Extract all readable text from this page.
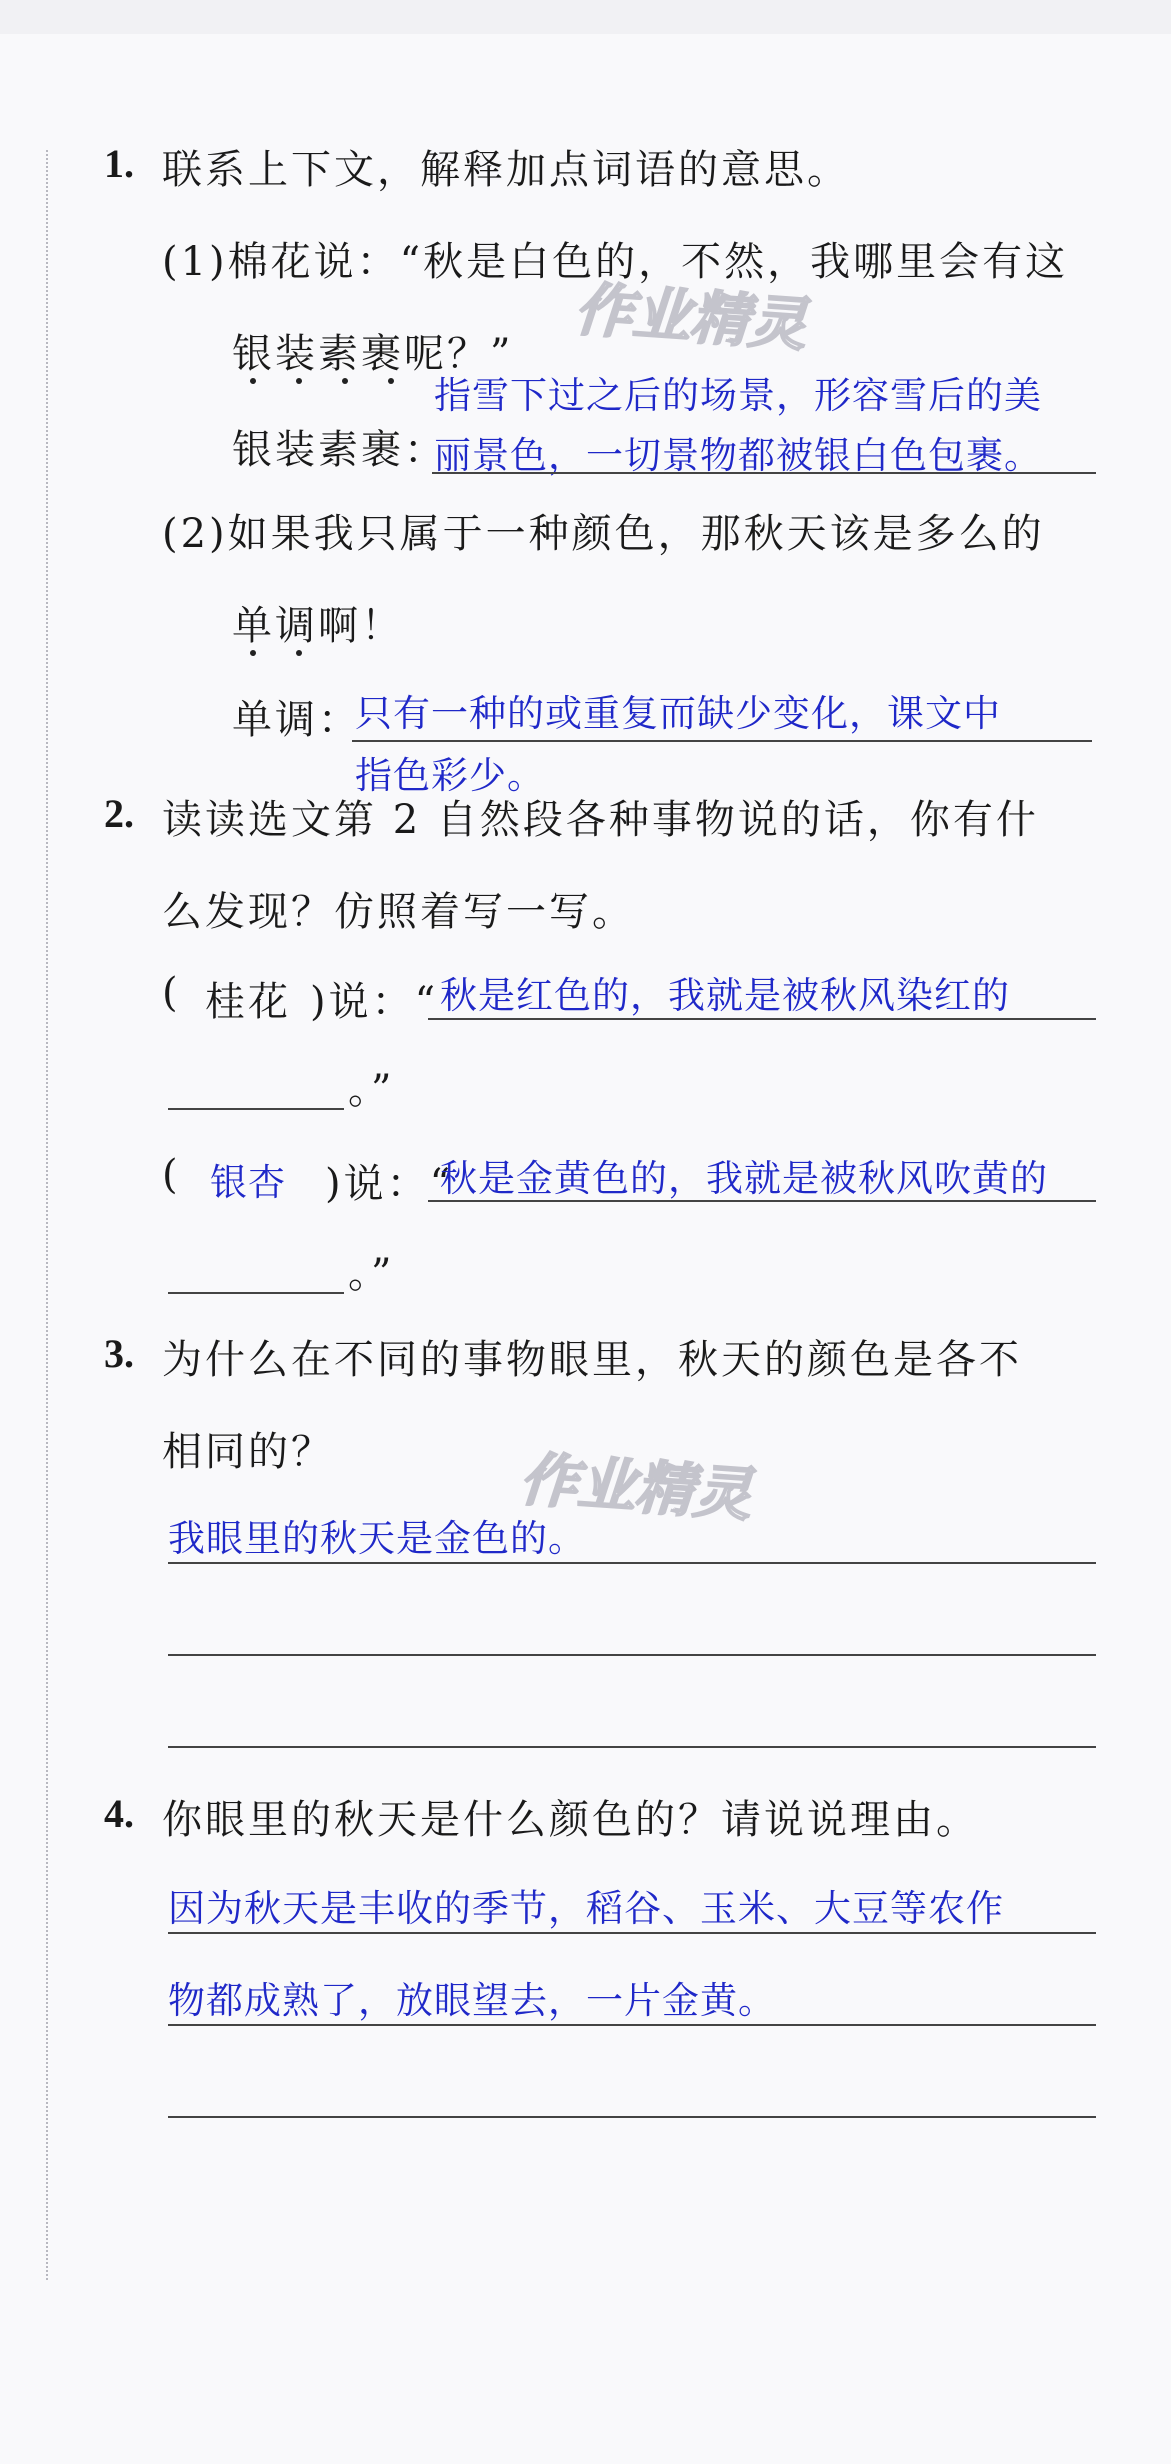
1. 联系上下文，解释加点词语的意思。
(1)棉花说：“秋是白色的，不然，我哪里会有这
银装素裹呢？”
指雪下过之后的场景，形容雪后的美
银装素裹：
丽景色，一切景物都被银白色包裹。
(2)如果我只属于一种颜色，那秋天该是多么的
单调啊！
单调：
只有一种的或重复而缺少变化，课文中
指色彩少。
作业精灵
2. 读读选文第 2 自然段各种事物说的话，你有什
么发现？仿照着写一写。
( 桂花 )说：“ 秋是红色的，我就是被秋风染红的
。”
( 银杏 )说：“
秋是金黄色的，我就是被秋风吹黄的
。”
3. 为什么在不同的事物眼里，秋天的颜色是各不
相同的？	作业精灵
我眼里的秋天是金色的。
4. 你眼里的秋天是什么颜色的？请说说理由。
因为秋天是丰收的季节，稻谷、玉米、大豆等农作
物都成熟了，放眼望去，一片金黄。
